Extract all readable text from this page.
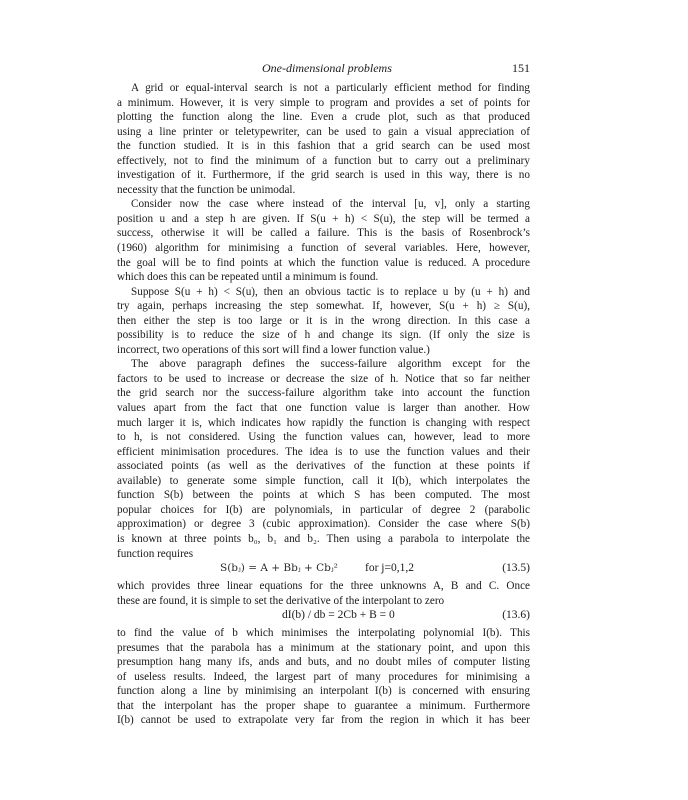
One-dimensional problems	151
A grid or equal-interval search is not a particularly efficient method for finding
a minimum. However, it is very simple to program and provides a set of points for
plotting the function along the line. Even a crude plot, such as that produced
using a line printer or teletypewriter, can be used to gain a visual appreciation of
the function studied. It is in this fashion that a grid search can be used most
effectively, not to find the minimum of a function but to carry out a preliminary
investigation of it. Furthermore, if the grid search is used in this way, there is no
necessity that the function be unimodal.
Consider now the case where instead of the interval [u, v], only a starting
position u and a step h are given. If S(u + h) < S(u), the step will be termed a
success, otherwise it will be called a failure. This is the basis of Rosenbrock’s
(1960) algorithm for minimising a function of several variables. Here, however,
the goal will be to find points at which the function value is reduced. A procedure
which does this can be repeated until a minimum is found.
Suppose S(u + h) < S(u), then an obvious tactic is to replace u by (u + h) and
try again, perhaps increasing the step somewhat. If, however, S(u + h) ≥ S(u),
then either the step is too large or it is in the wrong direction. In this case a
possibility is to reduce the size of h and change its sign. (If only the size is
incorrect, two operations of this sort will find a lower function value.)
The above paragraph defines the success-failure algorithm except for the
factors to be used to increase or decrease the size of h. Notice that so far neither
the grid search nor the success-failure algorithm take into account the function
values apart from the fact that one function value is larger than another. How
much larger it is, which indicates how rapidly the function is changing with respect
to h, is not considered. Using the function values can, however, lead to more
efficient minimisation procedures. The idea is to use the function values and their
associated points (as well as the derivatives of the function at these points if
available) to generate some simple function, call it I(b), which interpolates the
function S(b) between the points at which S has been computed. The most
popular choices for I(b) are polynomials, in particular of degree 2 (parabolic
approximation) or degree 3 (cubic approximation). Consider the case where S(b)
is known at three points b₀, b₁ and b₂. Then using a parabola to interpolate the
function requires
S(bⱼ) = A + Bbⱼ + Cbⱼ² for j=0,1,2	(13.5)
which provides three linear equations for the three unknowns A, B and C. Once
these are found, it is simple to set the derivative of the interpolant to zero
dI(b) / db = 2Cb + B = 0	(13.6)
to find the value of b which minimises the interpolating polynomial I(b). This
presumes that the parabola has a minimum at the stationary point, and upon this
presumption hang many ifs, ands and buts, and no doubt miles of computer listing
of useless results. Indeed, the largest part of many procedures for minimising a
function along a line by minimising an interpolant I(b) is concerned with ensuring
that the interpolant has the proper shape to guarantee a minimum. Furthermore
I(b) cannot be used to extrapolate very far from the region in which it has beer
